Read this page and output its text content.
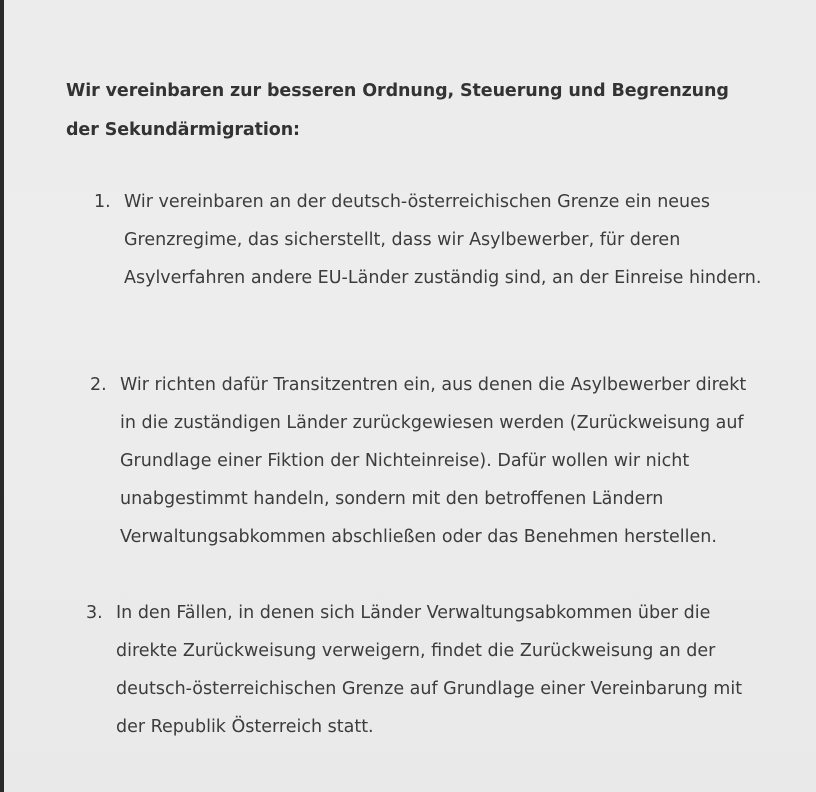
Wir vereinbaren zur besseren Ordnung, Steuerung und Begrenzung der Sekundärmigration:

1. Wir vereinbaren an der deutsch-österreichischen Grenze ein neues Grenzregime, das sicherstellt, dass wir Asylbewerber, für deren Asylverfahren andere EU-Länder zuständig sind, an der Einreise hindern.
2. Wir richten dafür Transitzentren ein, aus denen die Asylbewerber direkt in die zuständigen Länder zurückgewiesen werden (Zurückweisung auf Grundlage einer Fiktion der Nichteinreise). Dafür wollen wir nicht unabgestimmt handeln, sondern mit den betroffenen Ländern Verwaltungsabkommen abschließen oder das Benehmen herstellen.
3. In den Fällen, in denen sich Länder Verwaltungsabkommen über die direkte Zurückweisung verweigern, findet die Zurückweisung an der deutsch-österreichischen Grenze auf Grundlage einer Vereinbarung mit der Republik Österreich statt.
